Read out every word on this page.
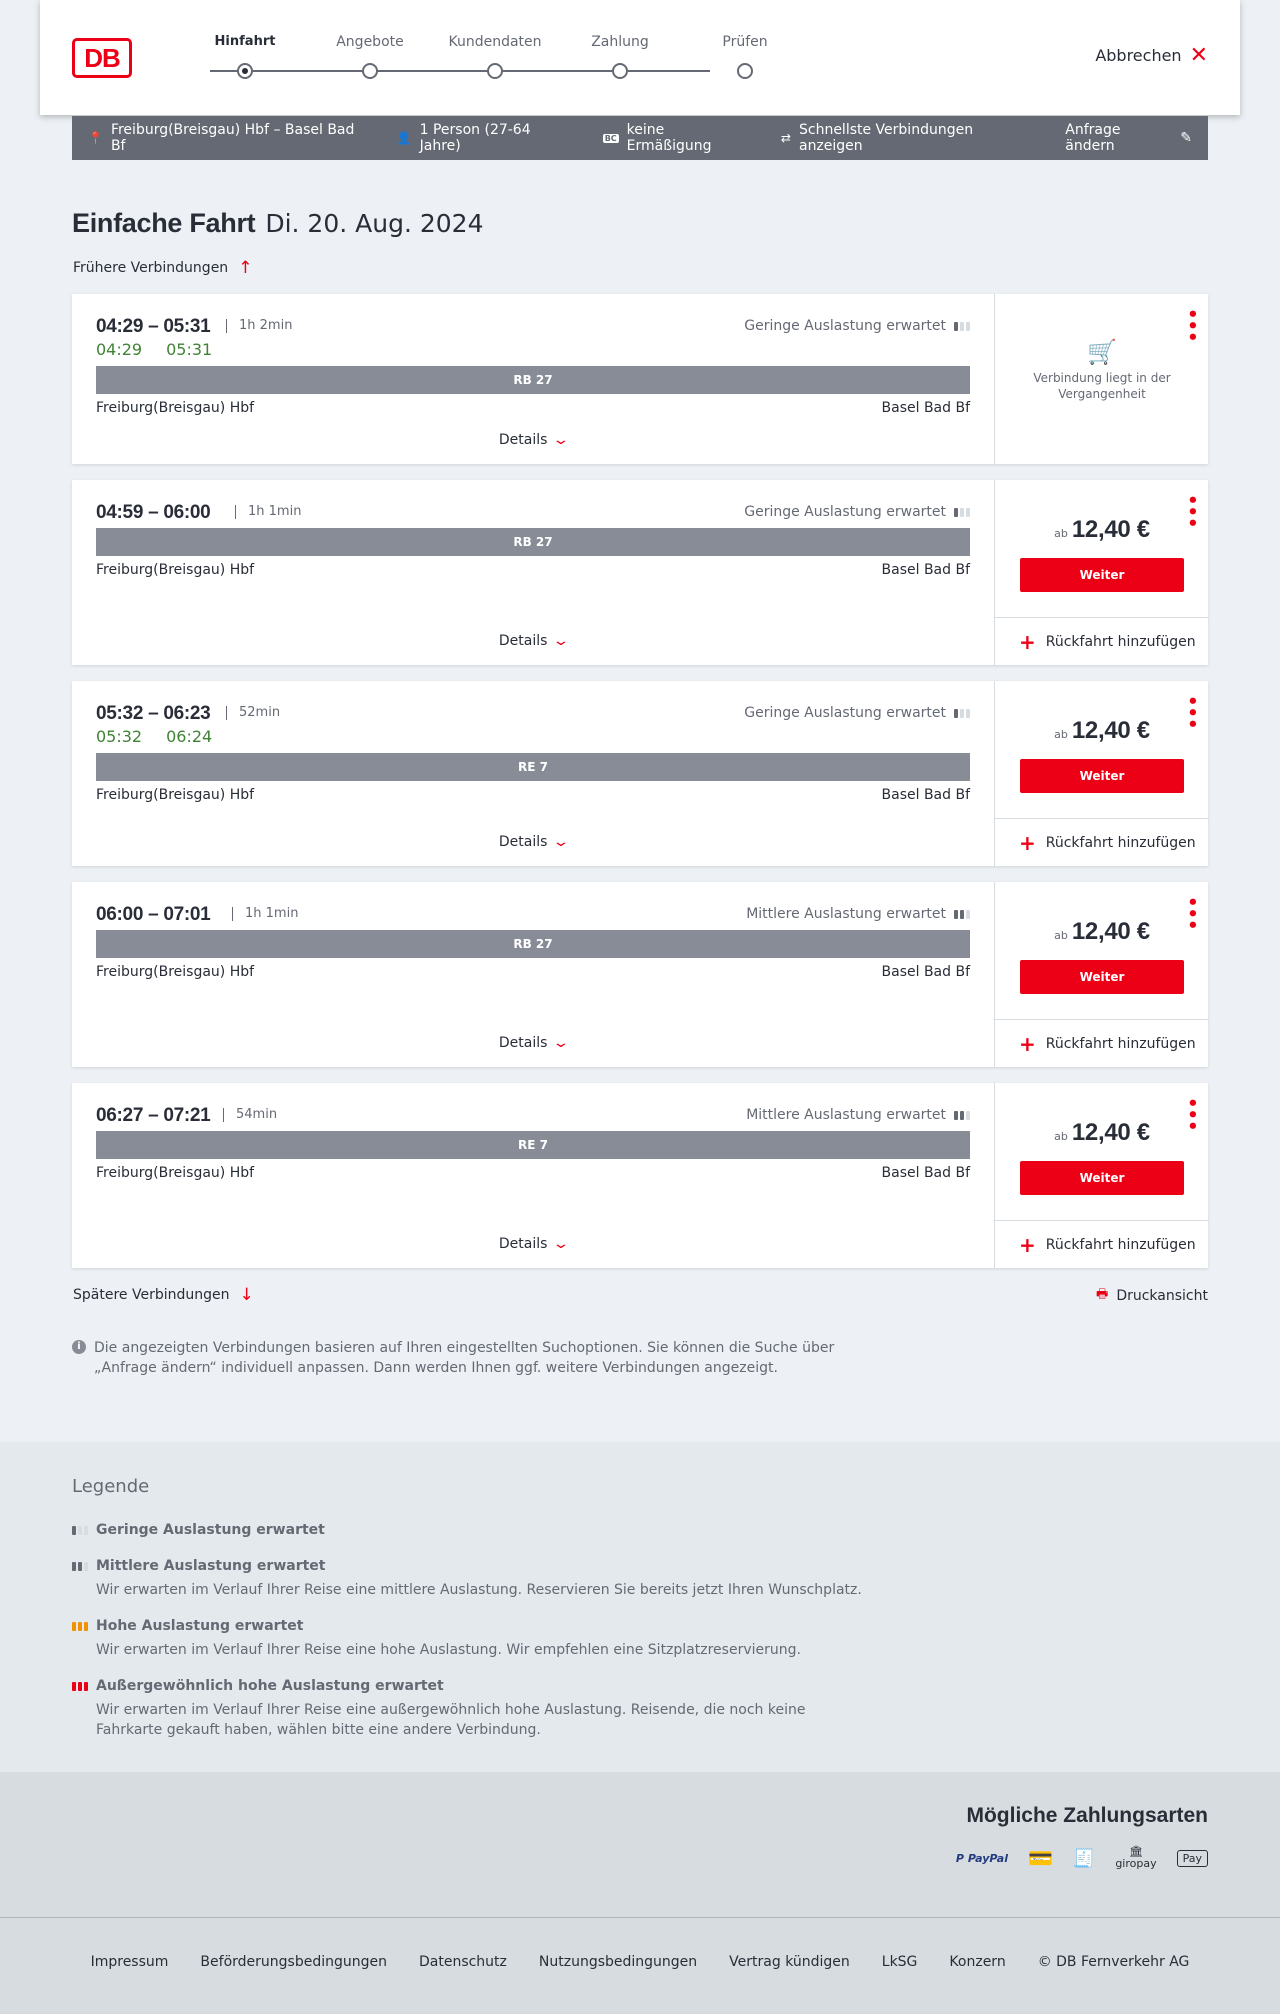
DB
Hinfahrt	Angebote	Kundendaten	Zahlung	Prüfen
Abbrechen ✕
📍 Freiburg(Breisgau) Hbf – Basel Bad Bf	👤 1 Person (27-64 Jahre)	BC keine Ermäßigung	⇄ Schnellste Verbindungen anzeigen
Anfrage ändern	✎
Einfache Fahrt Di. 20. Aug. 2024
Frühere Verbindungen ↑
04:29 – 05:31	1h 2min
04:29 05:31
Geringe Auslastung erwartet
RB 27
Freiburg(Breisgau) Hbf	Basel Bad Bf
Details ⌄
•••
🛒
Verbindung liegt in der Vergangenheit
04:59 – 06:00	1h 1min	Geringe Auslastung erwartet
RB 27
Freiburg(Breisgau) Hbf	Basel Bad Bf
Details ⌄
•••
ab 12,40 €
Weiter
+ Rückfahrt hinzufügen
05:32 – 06:23	52min
05:32 06:24
Geringe Auslastung erwartet
RE 7
Freiburg(Breisgau) Hbf	Basel Bad Bf
Details ⌄
•••
ab 12,40 €
Weiter
+ Rückfahrt hinzufügen
06:00 – 07:01	1h 1min	Mittlere Auslastung erwartet
RB 27
Freiburg(Breisgau) Hbf	Basel Bad Bf
Details ⌄
•••
ab 12,40 €
Weiter
+ Rückfahrt hinzufügen
06:27 – 07:21	54min	Mittlere Auslastung erwartet
RE 7
Freiburg(Breisgau) Hbf	Basel Bad Bf
Details ⌄
•••
ab 12,40 €
Weiter
+ Rückfahrt hinzufügen
Spätere Verbindungen ↓	🖶 Druckansicht
i Die angezeigten Verbindungen basieren auf Ihren eingestellten Suchoptionen. Sie können die Suche über „Anfrage ändern“ individuell anpassen. Dann werden Ihnen ggf. weitere Verbindungen angezeigt.
Legende
Geringe Auslastung erwartet
Mittlere Auslastung erwartet
Wir erwarten im Verlauf Ihrer Reise eine mittlere Auslastung. Reservieren Sie bereits jetzt Ihren Wunschplatz.
Hohe Auslastung erwartet
Wir erwarten im Verlauf Ihrer Reise eine hohe Auslastung. Wir empfehlen eine Sitzplatzreservierung.
Außergewöhnlich hohe Auslastung erwartet
Wir erwarten im Verlauf Ihrer Reise eine außergewöhnlich hohe Auslastung. Reisende, die noch keine Fahrkarte gekauft haben, wählen bitte eine andere Verbindung.
Mögliche Zahlungsarten
P PayPal 💳 🧾	🏛
giropay	Pay
Impressum Beförderungsbedingungen Datenschutz Nutzungsbedingungen Vertrag kündigen LkSG Konzern © DB Fernverkehr AG
